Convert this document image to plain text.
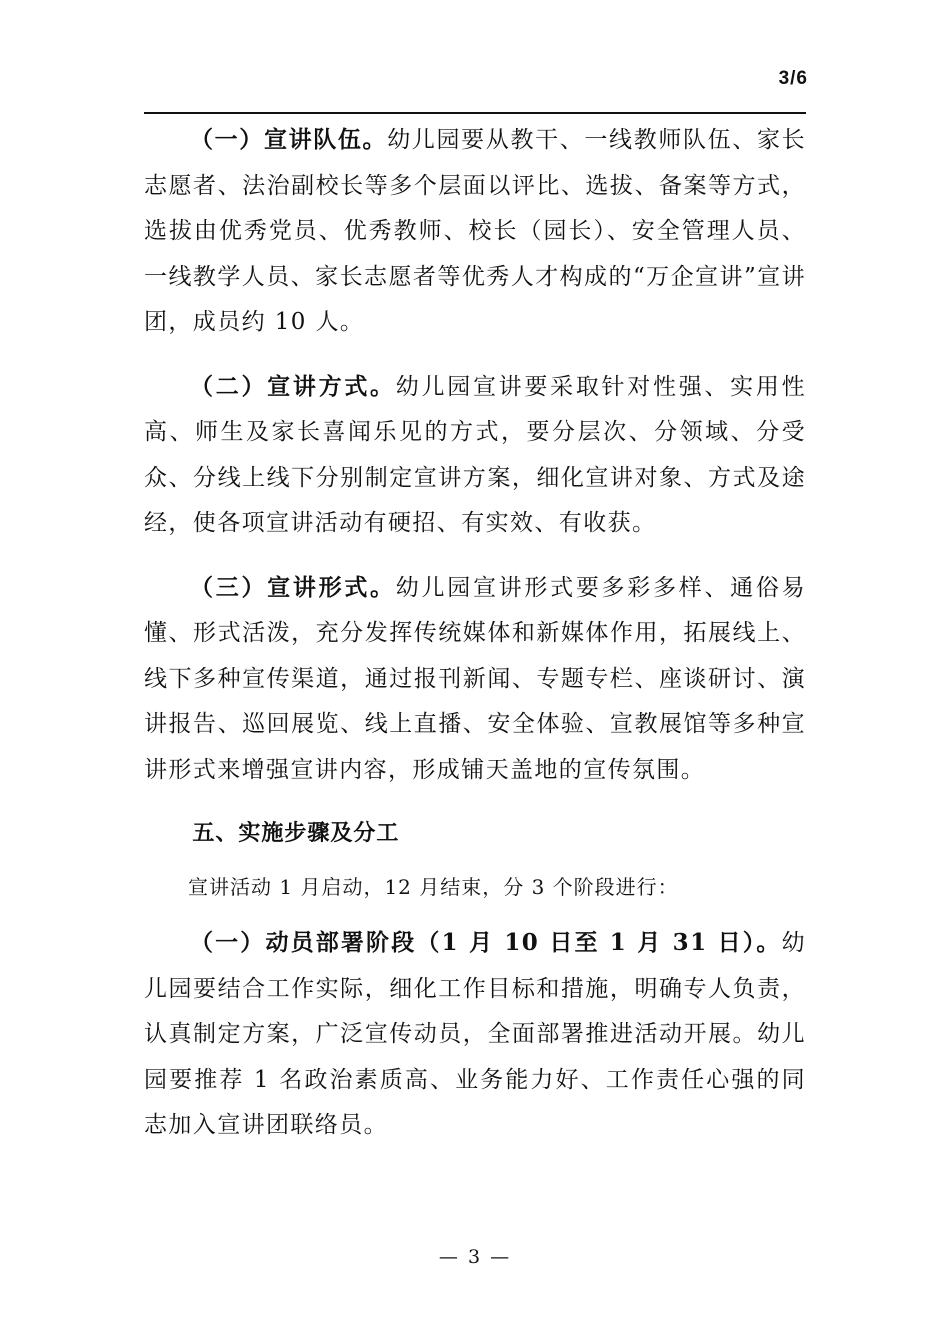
3/6

（一）宣讲队伍。幼儿园要从教干、一线教师队伍、家长志愿者、法治副校长等多个层面以评比、选拔、备案等方式，选拔由优秀党员、优秀教师、校长（园长）、安全管理人员、一线教学人员、家长志愿者等优秀人才构成的“万企宣讲”宣讲团，成员约 10 人。

（二）宣讲方式。幼儿园宣讲要采取针对性强、实用性高、师生及家长喜闻乐见的方式，要分层次、分领域、分受众、分线上线下分别制定宣讲方案，细化宣讲对象、方式及途经，使各项宣讲活动有硬招、有实效、有收获。

（三）宣讲形式。幼儿园宣讲形式要多彩多样、通俗易懂、形式活泼，充分发挥传统媒体和新媒体作用，拓展线上、线下多种宣传渠道，通过报刊新闻、专题专栏、座谈研讨、演讲报告、巡回展览、线上直播、安全体验、宣教展馆等多种宣讲形式来增强宣讲内容，形成铺天盖地的宣传氛围。

五、实施步骤及分工

宣讲活动 1 月启动，12 月结束，分 3 个阶段进行：

（一）动员部署阶段（1 月 10 日至 1 月 31 日）。幼儿园要结合工作实际，细化工作目标和措施，明确专人负责，认真制定方案，广泛宣传动员，全面部署推进活动开展。幼儿园要推荐 1 名政治素质高、业务能力好、工作责任心强的同志加入宣讲团联络员。

— 3 —
